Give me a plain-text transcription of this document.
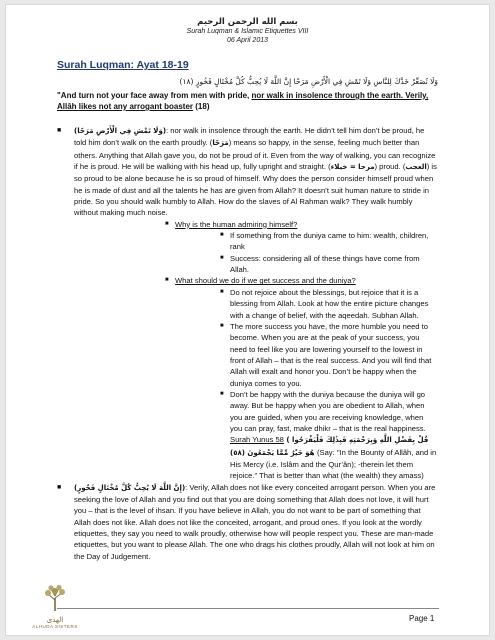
بسم الله الرحمن الرحيم
Surah Luqman & Islamic Etiquettes VIII
06 April 2013
Surah Luqman: Ayat 18-19
وَلَا تُصَعِّرْ خَدَّكَ لِلنَّاسِ وَلَا تَمْشِ فِي الْأَرْضِ مَرَحًا إِنَّ اللَّهَ لَا يُحِبُّ كُلَّ مُخْتَالٍ فَخُورٍ (١٨)
"And turn not your face away from men with pride, nor walk in insolence through the earth. Verily, Allâh likes not any arrogant boaster (18)
■ (وَلَا تَمْشِ فِي الْأَرْضِ مَرَحًا): nor walk in insolence through the earth. He didn’t tell him don’t be proud, he told him don’t walk on the earth proudly. (مَرَحًا) means so happy, in the sense, feeling much better than others. Anything that Allah gave you, do not be proud of it. Even from the way of walking, you can recognize if he is proud. He will be walking with his head up, fully upright and straight. (مرحا = خيلاء) proud. (العجب) is so proud to be alone because he is so proud of himself. Why does the person consider himself proud when he is made of dust and all the talents he has are given from Allah? It doesn’t suit human nature to stride in pride. So you should walk humbly to Allah. How do the slaves of Al Rahman walk? They walk humbly without making much noise.
■ Why is the human admiring himself?
■ If something from the duniya came to him: wealth, children, rank
■ Success: considering all of these things have come from Allah.
■ What should we do if we get success and the duniya?
■ Do not rejoice about the blessings, but rejoice that it is a blessing from Allah. Look at how the entire picture changes with a change of belief, with the aqeedah. Subhan Allah.
■ The more success you have, the more humble you need to become. When you are at the peak of your success, you need to feel like you are lowering yourself to the lowest in front of Allah – that is the real success. And you will find that Allah will exalt and honor you. Don’t be happy when the duniya comes to you.
■ Don’t be happy with the duniya because the duniya will go away. But be happy when you are obedient to Allah, when you are guided, when you are receiving knowledge, when you can pray, fast, make dhikr – that is the real happiness. Surah Yunus 58 ( قُلْ بِفَضْلِ اللَّهِ وَبِرَحْمَتِهِ فَبِذَٰلِكَ فَلْيَفْرَحُوا هُوَ خَيْرٌ مِّمَّا يَجْمَعُونَ (٥٨) (Say: "In the Bounty of Allâh, and in His Mercy (i.e. Islâm and the Qur’ân); -therein let them rejoice." That is better than what (the wealth) they amass)
■ (إِنَّ اللَّهَ لَا يُحِبُّ كُلَّ مُخْتَالٍ فَخُورٍ): Verily, Allah does not like every conceited arrogant person. When you are seeking the love of Allah and you find out that you are doing something that Allah does not love, it will hurt you – that is the level of ihsan. If you have believe in Allah, you do not want to be part of something that Allah does not like. Allah does not like the conceited, arrogant, and proud ones. If you look at the wordly etiquettes, they say you need to walk proudly, otherwise how will people respect you. These are man-made etiquettes, but you want to please Allah. The one who drags his clothes proudly, Allah will not look at him on the Day of Judgement.
الهدى
ALHUDA SISTERS
Page 1
